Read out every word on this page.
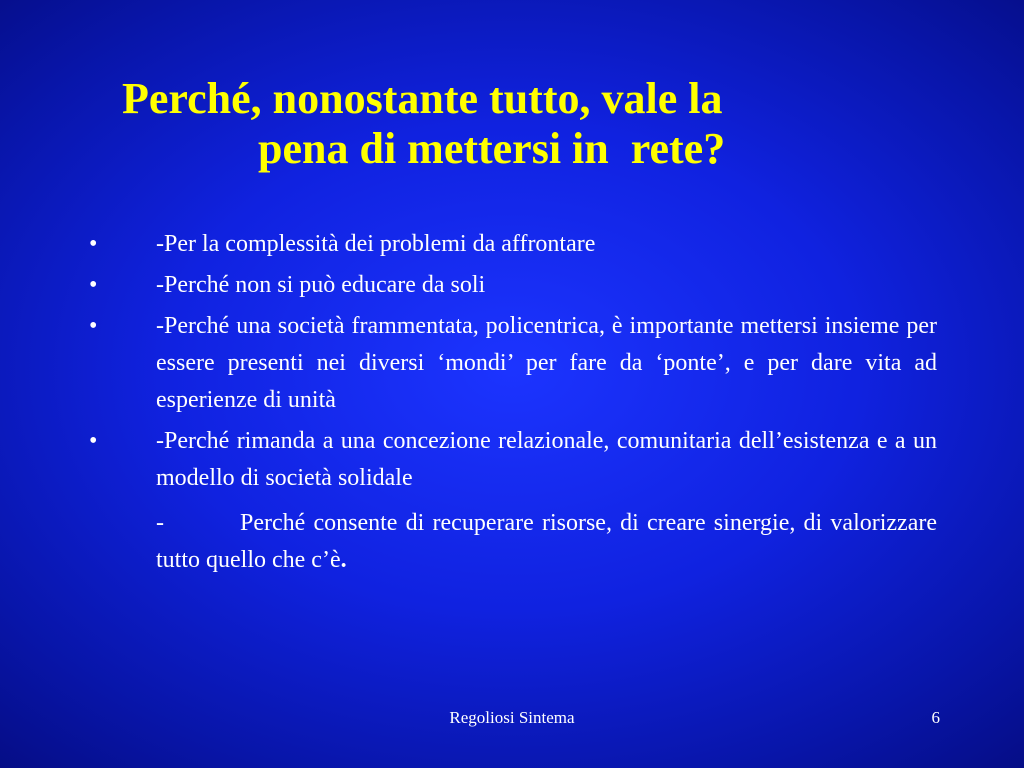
Perché, nonostante tutto, vale la
pena di mettersi in  rete?
• -Per la complessità dei problemi da affrontare
• -Perché non si può educare da soli
• -Perché una società frammentata, policentrica, è importante mettersi insieme per essere presenti nei diversi ‘mondi’ per fare da ‘ponte’, e per dare vita ad esperienze di unità
• -Perché rimanda a una concezione relazionale, comunitaria dell’esistenza e a un modello di società solidale
-	Perché consente di recuperare risorse, di creare sinergie, di valorizzare tutto quello che c’è.
Regoliosi Sintema	6
